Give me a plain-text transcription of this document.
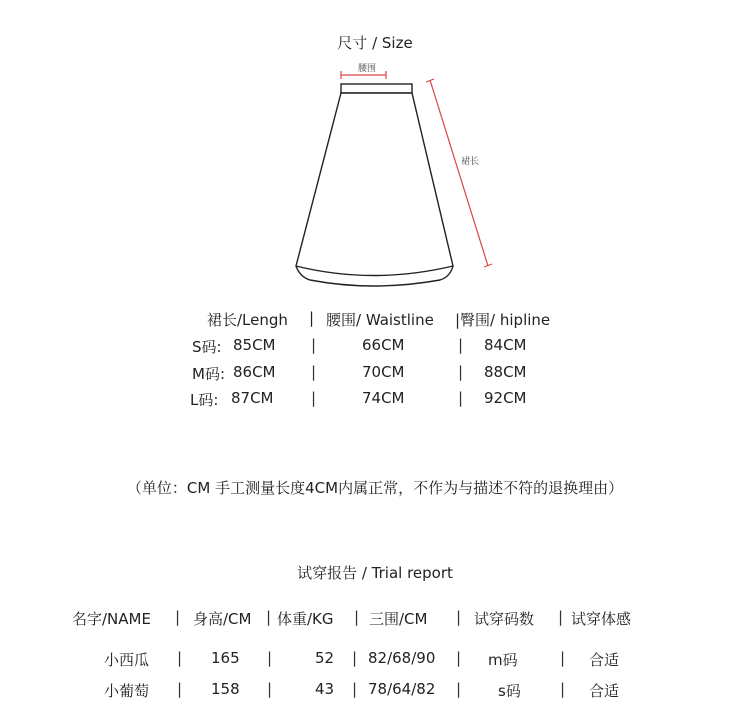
尺寸 / Size
腰围
裙长
裙长/Lengh | 腰围/ Waistline |臀围/ hipline
S码: 85CM |	66CM	| 84CM
M码: 86CM |	70CM	| 88CM
L码: 87CM |	74CM	| 92CM
（单位：CM 手工测量长度4CM内属正常，不作为与描述不符的退换理由）
试穿报告 / Trial report
名字/NAME | 身高/CM | 体重/KG | 三围/CM | 试穿码数 | 试穿体感
小西瓜 | 165 |	52 | 82/68/90 | m码	| 合适
小葡萄 | 158 |	43 | 78/64/82 | s码	| 合适
